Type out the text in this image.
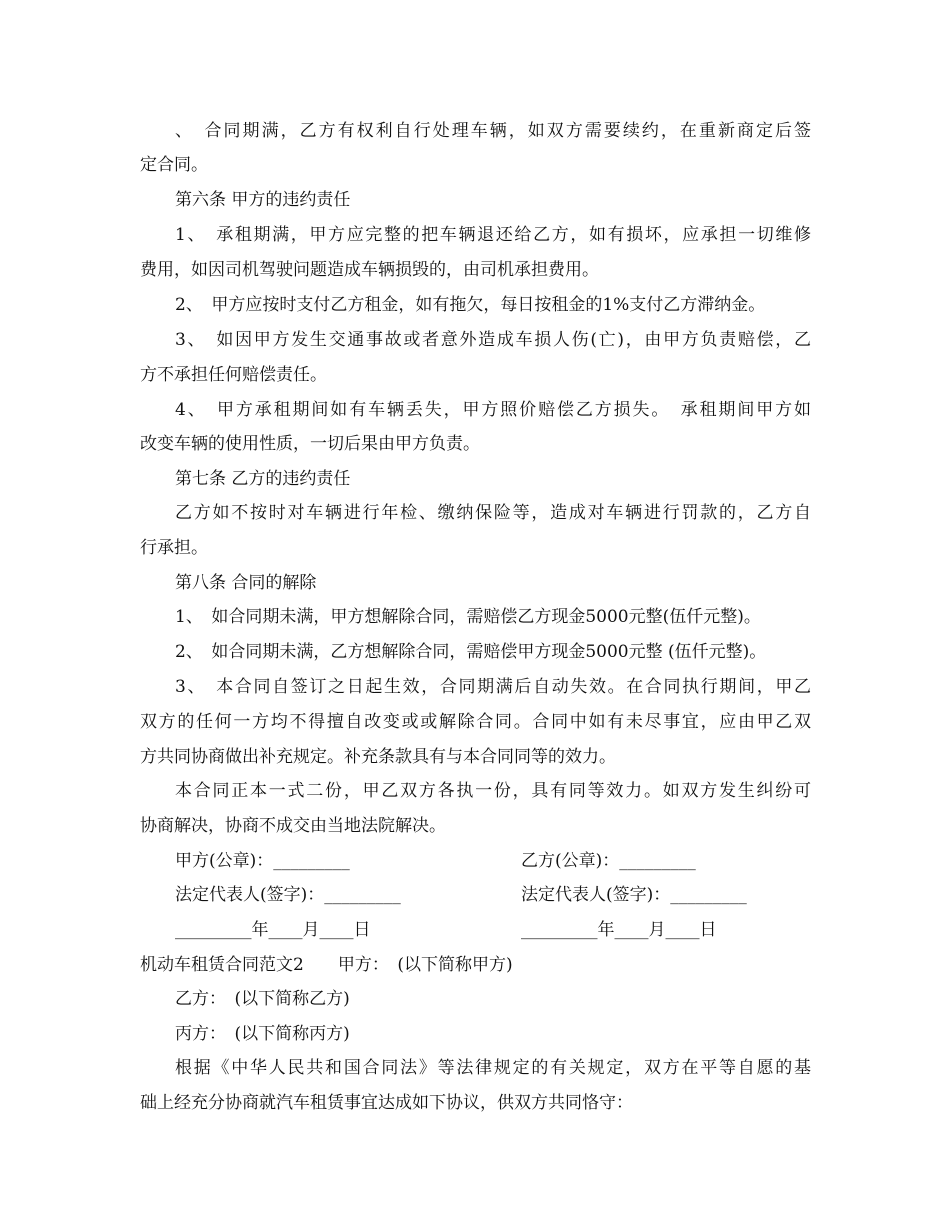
、　合同期满，乙方有权利自行处理车辆，如双方需要续约，在重新商定后签
定合同。
第六条 甲方的违约责任
1、　承租期满，甲方应完整的把车辆退还给乙方，如有损坏，应承担一切维修
费用，如因司机驾驶问题造成车辆损毁的，由司机承担费用。
2、　甲方应按时支付乙方租金，如有拖欠，每日按租金的1%支付乙方滞纳金。
3、　如因甲方发生交通事故或者意外造成车损人伤(亡)，由甲方负责赔偿，乙
方不承担任何赔偿责任。
4、　甲方承租期间如有车辆丢失，甲方照价赔偿乙方损失。　承租期间甲方如
改变车辆的使用性质，一切后果由甲方负责。
第七条 乙方的违约责任
乙方如不按时对车辆进行年检、缴纳保险等，造成对车辆进行罚款的，乙方自
行承担。
第八条 合同的解除
1、　如合同期未满，甲方想解除合同，需赔偿乙方现金5000元整(伍仟元整)。
2、　如合同期未满，乙方想解除合同，需赔偿甲方现金5000元整 (伍仟元整)。
3、　本合同自签订之日起生效，合同期满后自动失效。在合同执行期间，甲乙
双方的任何一方均不得擅自改变或或解除合同。合同中如有未尽事宜，应由甲乙双
方共同协商做出补充规定。补充条款具有与本合同同等的效力。
本合同正本一式二份，甲乙双方各执一份，具有同等效力。如双方发生纠纷可
协商解决，协商不成交由当地法院解决。
甲方(公章)：_________	乙方(公章)：_________
法定代表人(签字)：_________	法定代表人(签字)：_________
_________年____月____日	_________年____月____日
机动车租赁合同范文2　　甲方：　(以下简称甲方)
乙方：　(以下简称乙方)
丙方：　(以下简称丙方)
根据《中华人民共和国合同法》等法律规定的有关规定，双方在平等自愿的基
础上经充分协商就汽车租赁事宜达成如下协议，供双方共同恪守：
